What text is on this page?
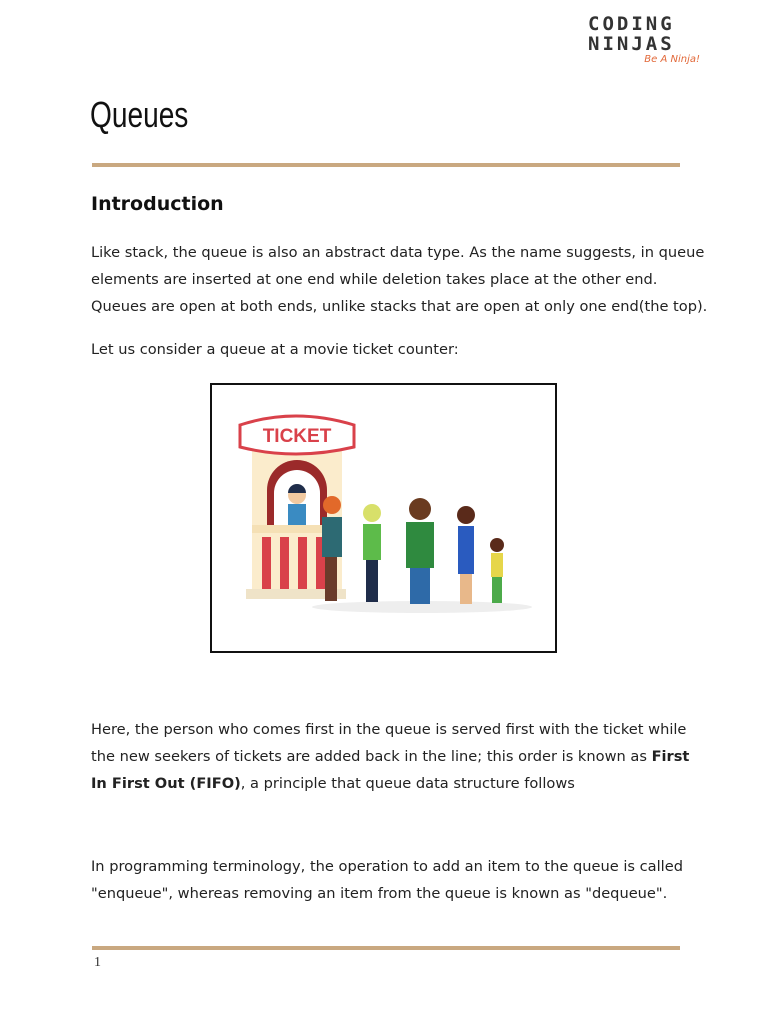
CODING
NINJAS
Be A Ninja!
Queues
Introduction
Like stack, the queue is also an abstract data type. As the name suggests, in queue
elements are inserted at one end while deletion takes place at the other end.
Queues are open at both ends, unlike stacks that are open at only one end(the top).
Let us consider a queue at a movie ticket counter:
TICKET
Here, the person who comes first in the queue is served first with the ticket while
the new seekers of tickets are added back in the line; this order is known as First
In First Out (FIFO), a principle that queue data structure follows
In programming terminology, the operation to add an item to the queue is called
"enqueue", whereas removing an item from the queue is known as "dequeue".
1
